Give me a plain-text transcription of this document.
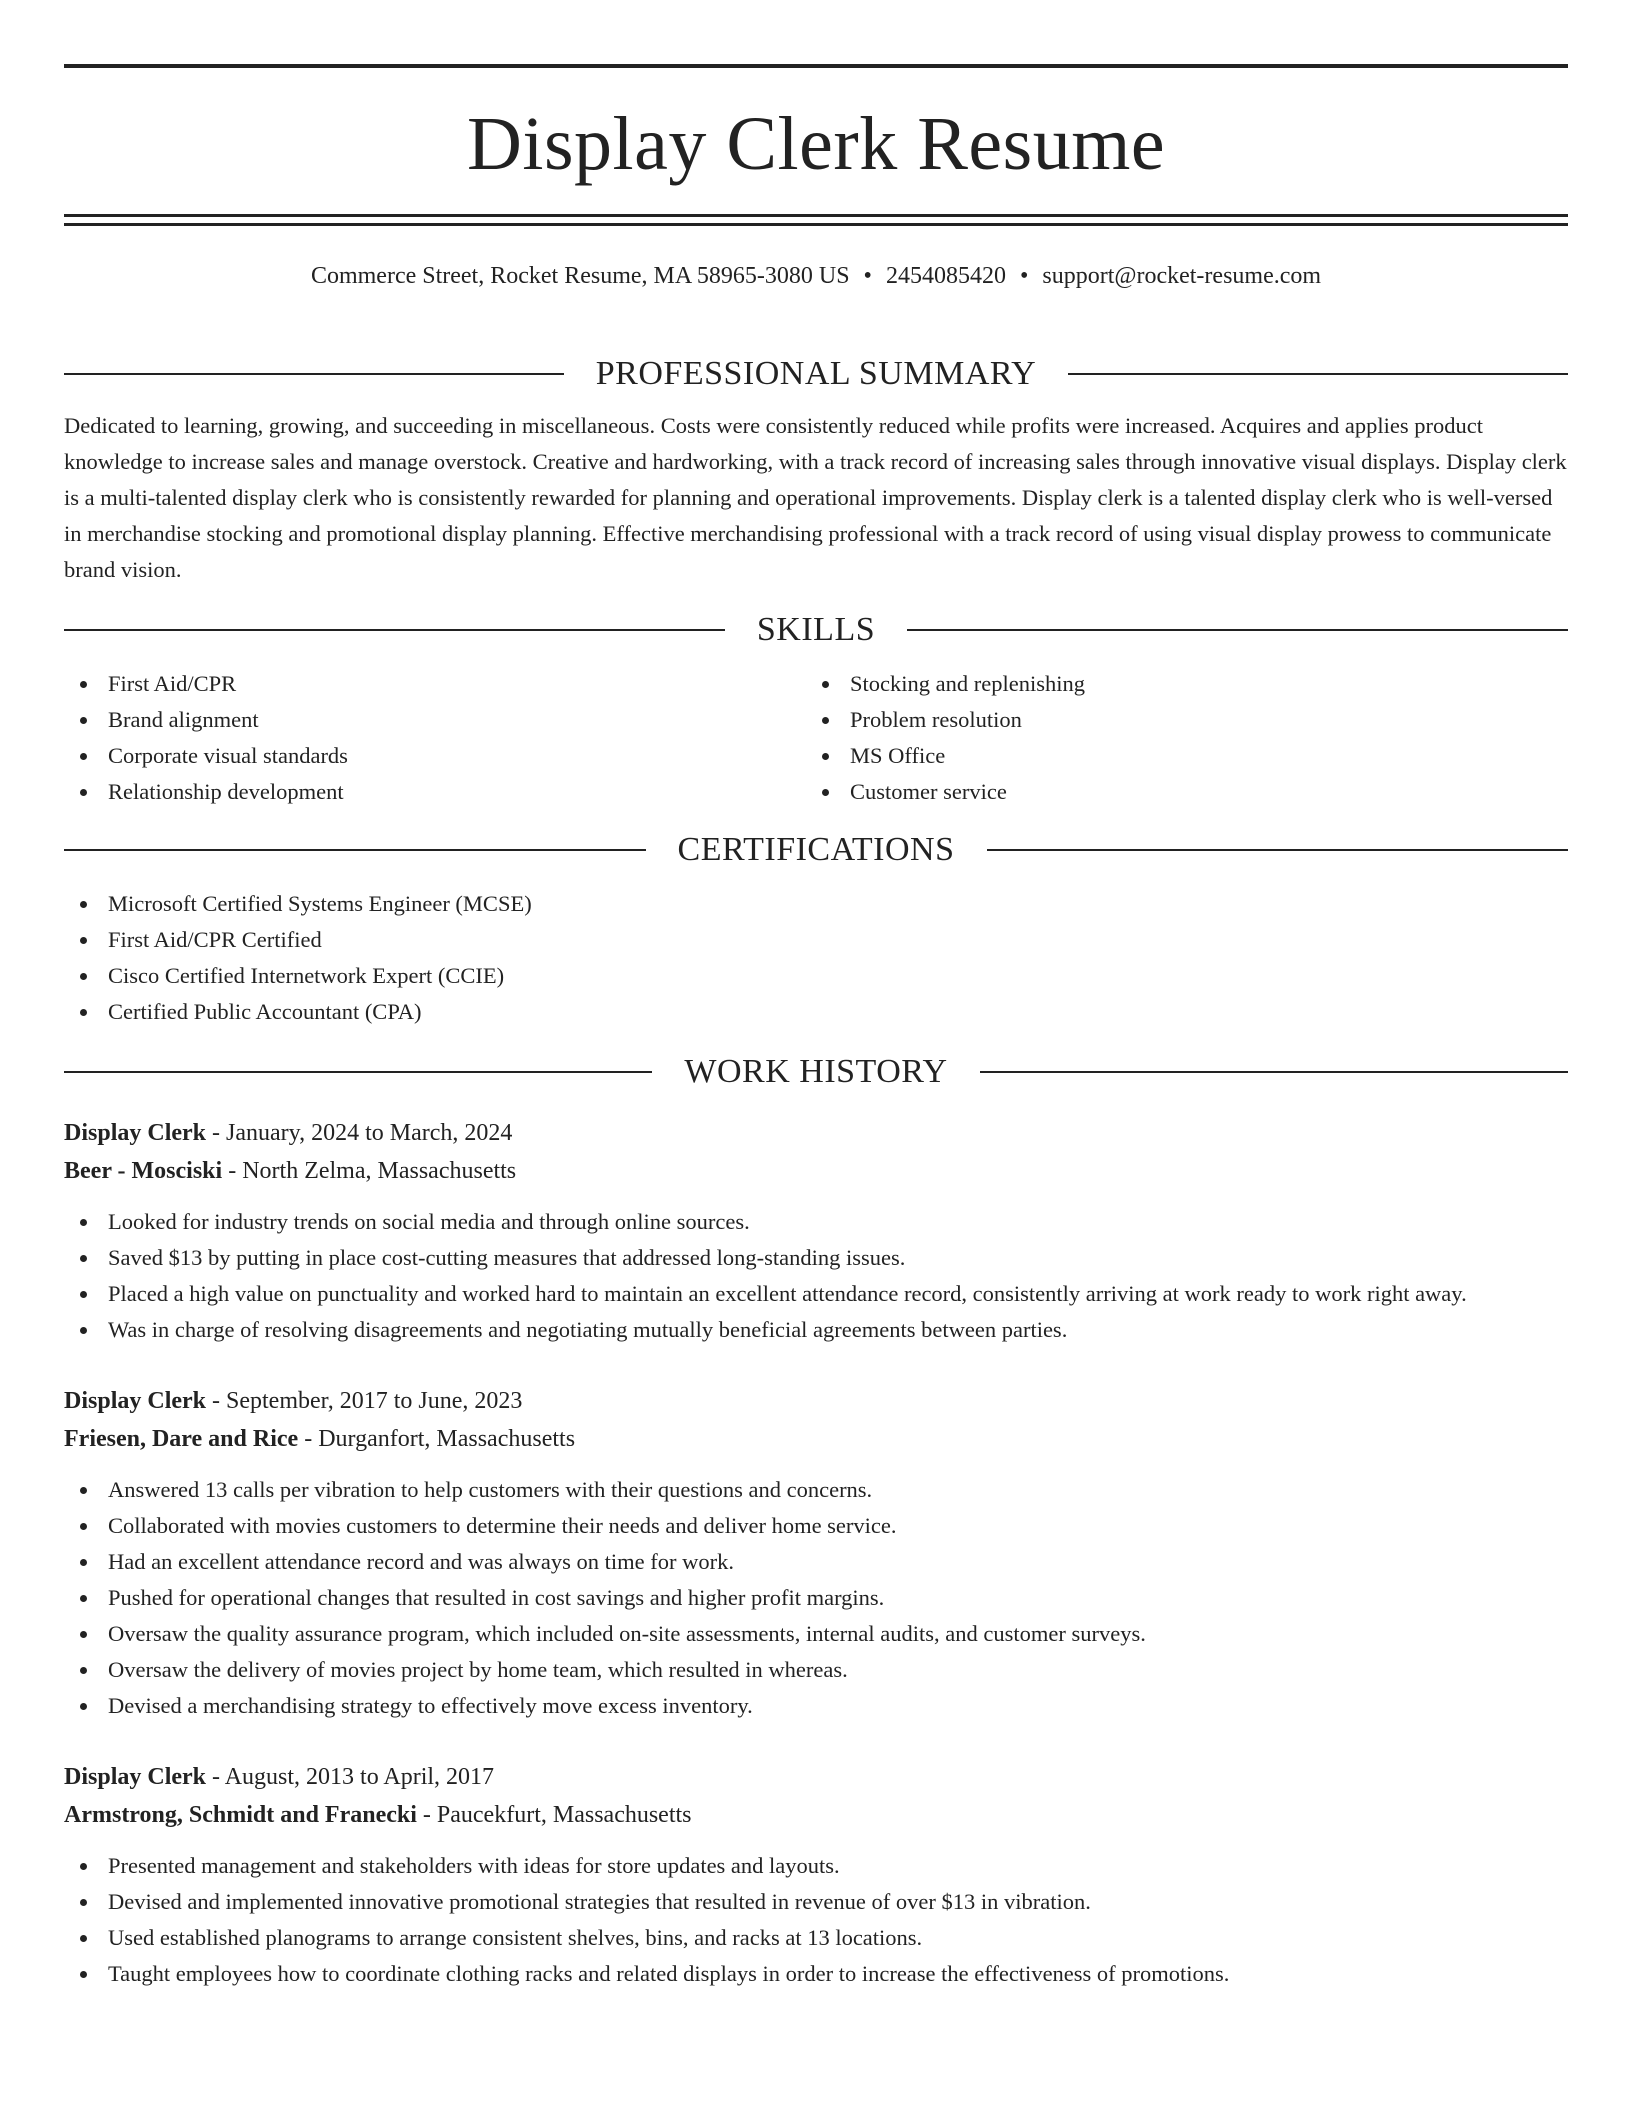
Display Clerk Resume
Commerce Street, Rocket Resume, MA 58965-3080 US • 2454085420 • support@rocket-resume.com
PROFESSIONAL SUMMARY

Dedicated to learning, growing, and succeeding in miscellaneous. Costs were consistently reduced while profits were increased. Acquires and applies product knowledge to increase sales and manage overstock. Creative and hardworking, with a track record of increasing sales through innovative visual displays. Display clerk is a multi-talented display clerk who is consistently rewarded for planning and operational improvements. Display clerk is a talented display clerk who is well-versed in merchandise stocking and promotional display planning. Effective merchandising professional with a track record of using visual display prowess to communicate brand vision.

SKILLS
First Aid/CPR
Brand alignment
Corporate visual standards
Relationship development
Stocking and replenishing
Problem resolution
MS Office
Customer service
CERTIFICATIONS
Microsoft Certified Systems Engineer (MCSE)
First Aid/CPR Certified
Cisco Certified Internetwork Expert (CCIE)
Certified Public Accountant (CPA)
WORK HISTORY
Display Clerk - January, 2024 to March, 2024
Beer - Mosciski - North Zelma, Massachusetts
Looked for industry trends on social media and through online sources.
Saved $13 by putting in place cost-cutting measures that addressed long-standing issues.
Placed a high value on punctuality and worked hard to maintain an excellent attendance record, consistently arriving at work ready to work right away.
Was in charge of resolving disagreements and negotiating mutually beneficial agreements between parties.
Display Clerk - September, 2017 to June, 2023
Friesen, Dare and Rice - Durganfort, Massachusetts
Answered 13 calls per vibration to help customers with their questions and concerns.
Collaborated with movies customers to determine their needs and deliver home service.
Had an excellent attendance record and was always on time for work.
Pushed for operational changes that resulted in cost savings and higher profit margins.
Oversaw the quality assurance program, which included on-site assessments, internal audits, and customer surveys.
Oversaw the delivery of movies project by home team, which resulted in whereas.
Devised a merchandising strategy to effectively move excess inventory.
Display Clerk - August, 2013 to April, 2017
Armstrong, Schmidt and Franecki - Paucekfurt, Massachusetts
Presented management and stakeholders with ideas for store updates and layouts.
Devised and implemented innovative promotional strategies that resulted in revenue of over $13 in vibration.
Used established planograms to arrange consistent shelves, bins, and racks at 13 locations.
Taught employees how to coordinate clothing racks and related displays in order to increase the effectiveness of promotions.
